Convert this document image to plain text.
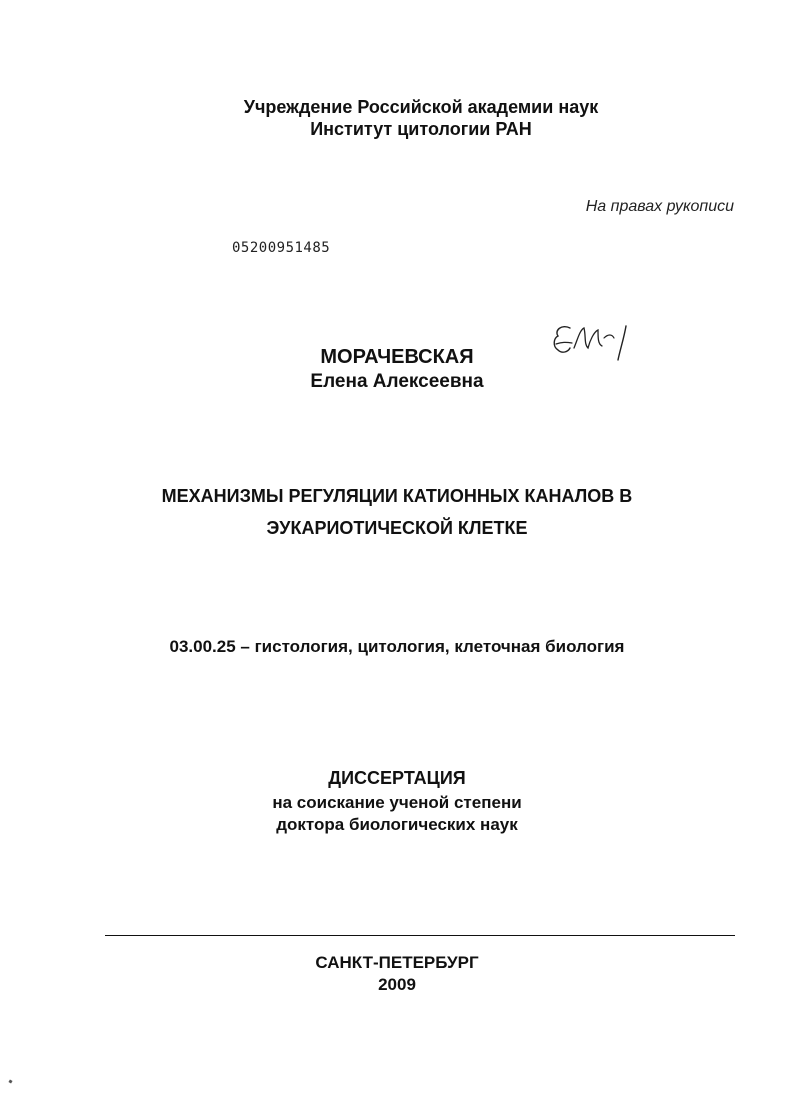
Учреждение Российской академии наук
Институт цитологии РАН
На правах рукописи
05200951485
МОРАЧЕВСКАЯ
Елена Алексеевна
МЕХАНИЗМЫ РЕГУЛЯЦИИ КАТИОННЫХ КАНАЛОВ В
ЭУКАРИОТИЧЕСКОЙ КЛЕТКЕ
03.00.25 – гистология, цитология, клеточная биология
ДИССЕРТАЦИЯ
на соискание ученой степени
доктора биологических наук
САНКТ-ПЕТЕРБУРГ
2009
